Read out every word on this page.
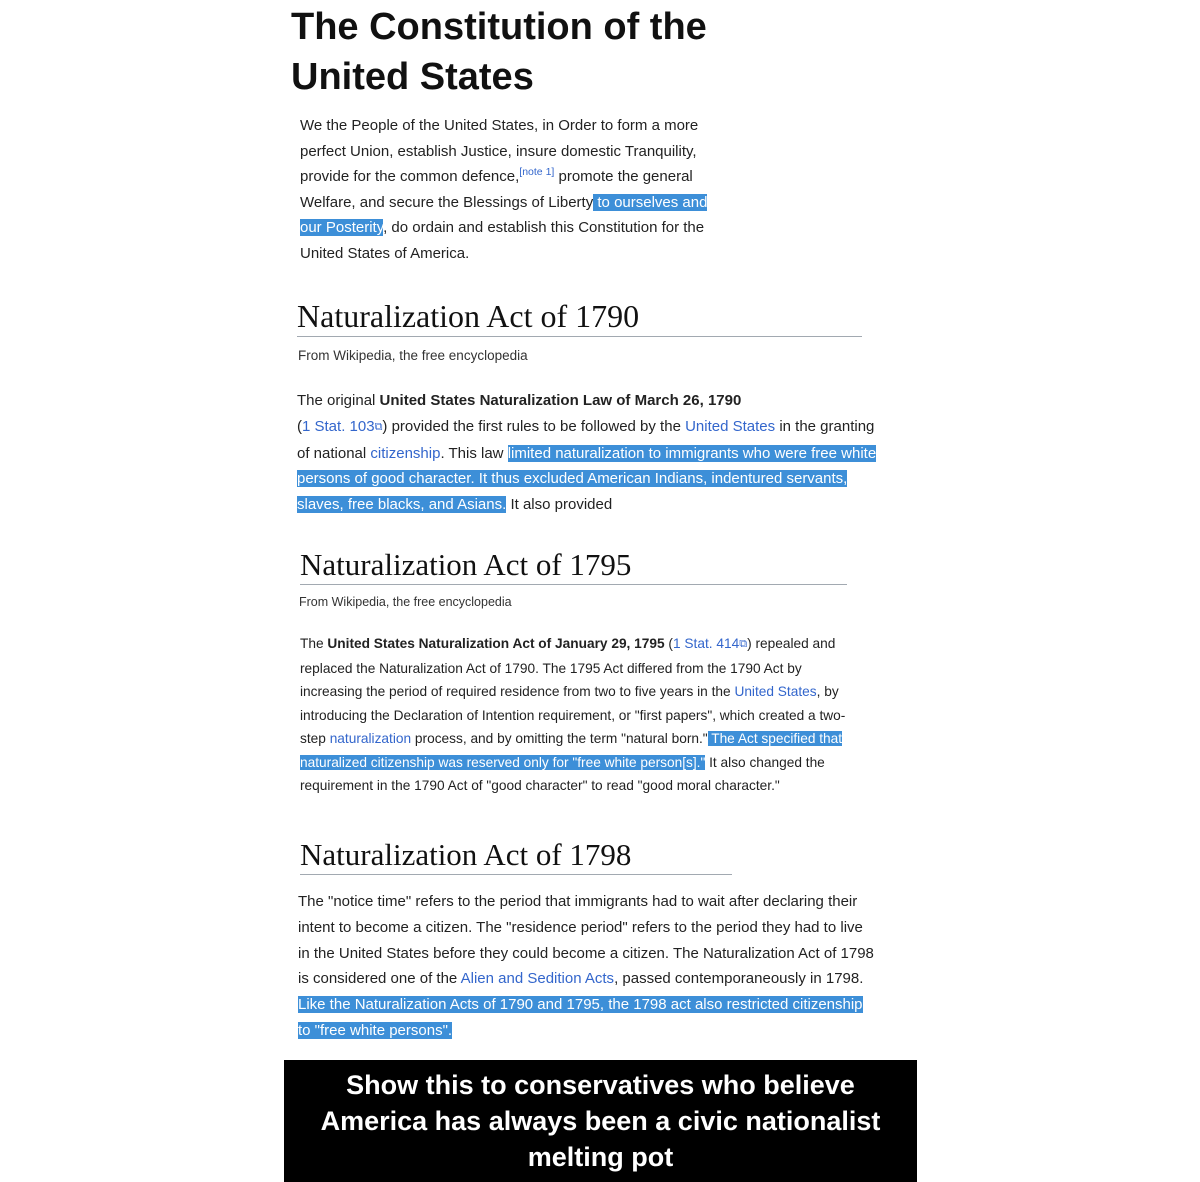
The Constitution of the
United States

We the People of the United States, in Order to form a more perfect Union, establish Justice, insure domestic Tranquility, provide for the common defence,[note 1] promote the general Welfare, and secure the Blessings of Liberty to ourselves and our Posterity, do ordain and establish this Constitution for the United States of America.

Naturalization Act of 1790

From Wikipedia, the free encyclopedia

The original United States Naturalization Law of March 26, 1790
(1 Stat. 103⧉) provided the first rules to be followed by the United States in the granting of national citizenship. This law limited naturalization to immigrants who were free white persons of good character. It thus excluded American Indians, indentured servants, slaves, free blacks, and Asians. It also provided

Naturalization Act of 1795

From Wikipedia, the free encyclopedia

The United States Naturalization Act of January 29, 1795 (1 Stat. 414⧉) repealed and replaced the Naturalization Act of 1790. The 1795 Act differed from the 1790 Act by increasing the period of required residence from two to five years in the United States, by introducing the Declaration of Intention requirement, or "first papers", which created a two-step naturalization process, and by omitting the term "natural born." The Act specified that naturalized citizenship was reserved only for "free white person[s]." It also changed the requirement in the 1790 Act of "good character" to read "good moral character."

Naturalization Act of 1798

The "notice time" refers to the period that immigrants had to wait after declaring their intent to become a citizen. The "residence period" refers to the period they had to live in the United States before they could become a citizen. The Naturalization Act of 1798 is considered one of the Alien and Sedition Acts, passed contemporaneously in 1798. Like the Naturalization Acts of 1790 and 1795, the 1798 act also restricted citizenship to "free white persons".

Show this to conservatives who believe America has always been a civic nationalist melting pot
